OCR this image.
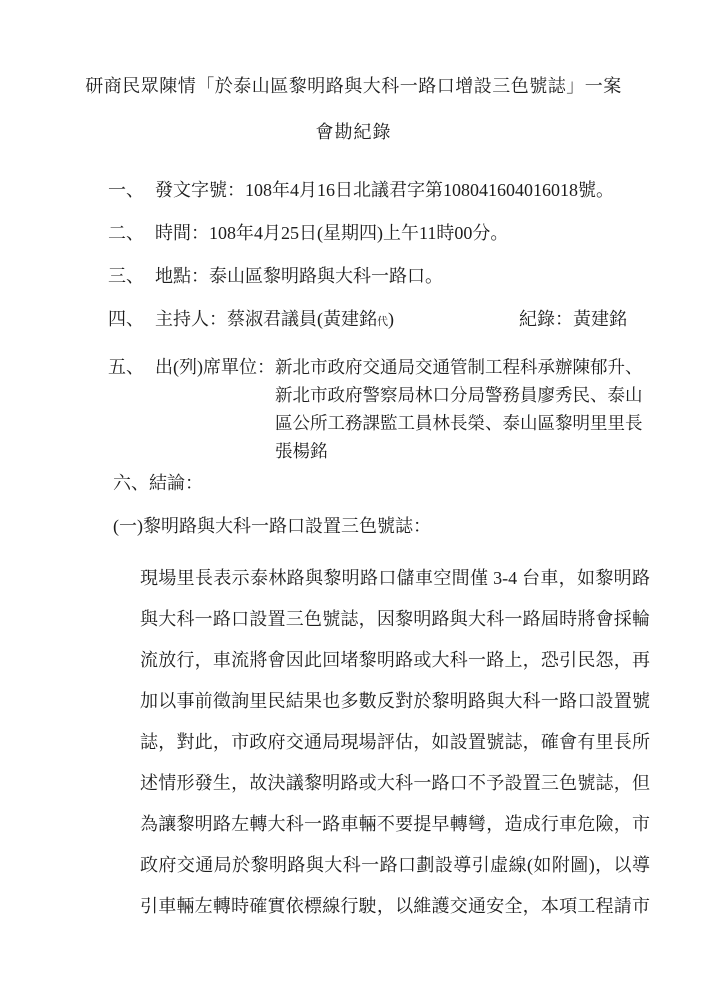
研商民眾陳情「於泰山區黎明路與大科一路口增設三色號誌」一案
會勘紀錄
一、 發文字號：108年4月16日北議君字第108041604016018號。
二、 時間：108年4月25日(星期四)上午11時00分。
三、 地點：泰山區黎明路與大科一路口。
四、 主持人：蔡淑君議員(黃建銘代)	紀錄：黃建銘
五、 出(列)席單位： 新北市政府交通局交通管制工程科承辦陳郁升、
新北市政府警察局林口分局警務員廖秀民、泰山
區公所工務課監工員林長榮、泰山區黎明里里長
張楊銘
六、結論：
(一)黎明路與大科一路口設置三色號誌：
現場里長表示泰林路與黎明路口儲車空間僅 3-4 台車，如黎明路
與大科一路口設置三色號誌，因黎明路與大科一路屆時將會採輪
流放行，車流將會因此回堵黎明路或大科一路上，恐引民怨，再
加以事前徵詢里民結果也多數反對於黎明路與大科一路口設置號
誌，對此，市政府交通局現場評估，如設置號誌，確會有里長所
述情形發生，故決議黎明路或大科一路口不予設置三色號誌，但
為讓黎明路左轉大科一路車輛不要提早轉彎，造成行車危險，市
政府交通局於黎明路與大科一路口劃設導引虛線(如附圖)，以導
引車輛左轉時確實依標線行駛，以維護交通安全，本項工程請市
